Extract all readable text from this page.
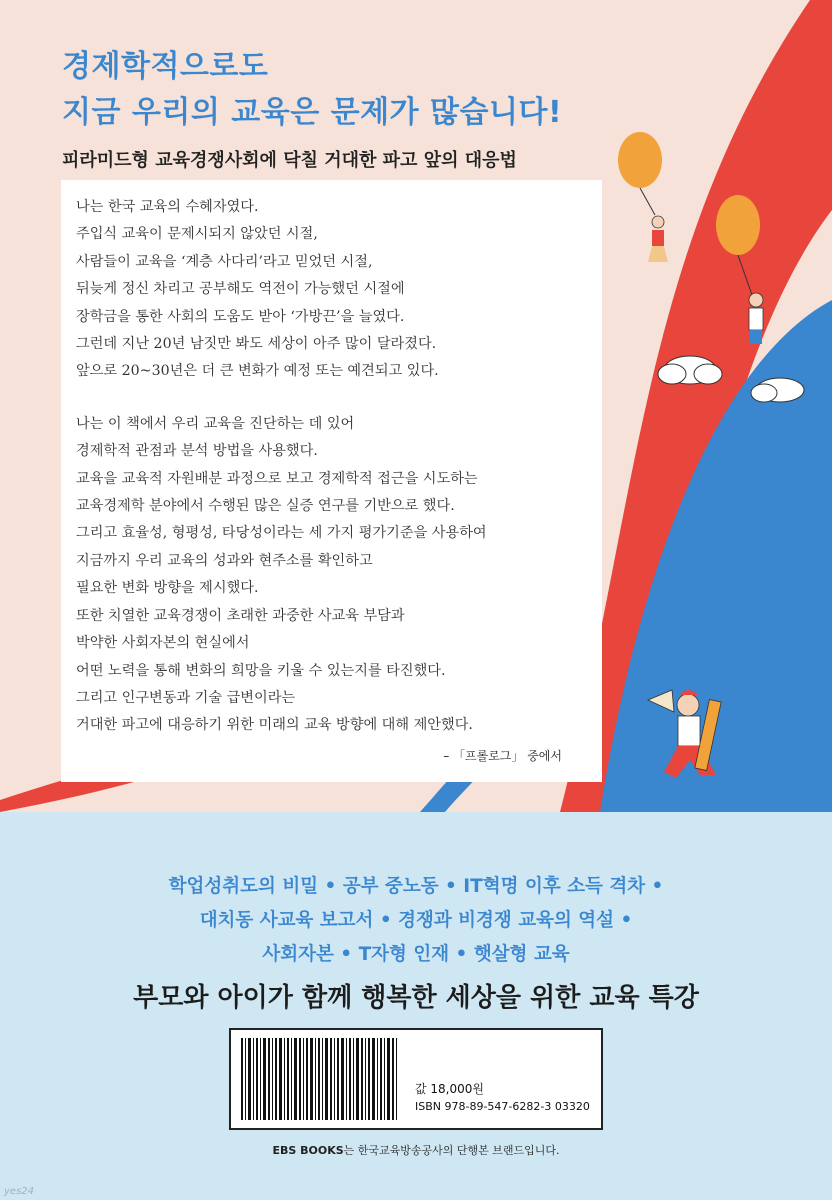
경제학적으로도
지금 우리의 교육은 문제가 많습니다!
피라미드형 교육경쟁사회에 닥칠 거대한 파고 앞의 대응법

나는 한국 교육의 수혜자였다.

주입식 교육이 문제시되지 않았던 시절,

사람들이 교육을 ‘계층 사다리’라고 믿었던 시절,

뒤늦게 정신 차리고 공부해도 역전이 가능했던 시절에

장학금을 통한 사회의 도움도 받아 ‘가방끈’을 늘였다.

그런데 지난 20년 남짓만 봐도 세상이 아주 많이 달라졌다.

앞으로 20~30년은 더 큰 변화가 예정 또는 예견되고 있다.

나는 이 책에서 우리 교육을 진단하는 데 있어

경제학적 관점과 분석 방법을 사용했다.

교육을 교육적 자원배분 과정으로 보고 경제학적 접근을 시도하는

교육경제학 분야에서 수행된 많은 실증 연구를 기반으로 했다.

그리고 효율성, 형평성, 타당성이라는 세 가지 평가기준을 사용하여

지금까지 우리 교육의 성과와 현주소를 확인하고

필요한 변화 방향을 제시했다.

또한 치열한 교육경쟁이 초래한 과중한 사교육 부담과

박약한 사회자본의 현실에서

어떤 노력을 통해 변화의 희망을 키울 수 있는지를 타진했다.

그리고 인구변동과 기술 급변이라는

거대한 파고에 대응하기 위한 미래의 교육 방향에 대해 제안했다.

– 「프롤로그」 중에서
학업성취도의 비밀 • 공부 중노동 • IT혁명 이후 소득 격차 •
대치동 사교육 보고서 • 경쟁과 비경쟁 교육의 역설 •
사회자본 • T자형 인재 • 햇살형 교육
부모와 아이가 함께 행복한 세상을 위한 교육 특강
값 18,000원
ISBN 978-89-547-6282-3 03320
EBS BOOKS는 한국교육방송공사의 단행본 브랜드입니다.
yes24
